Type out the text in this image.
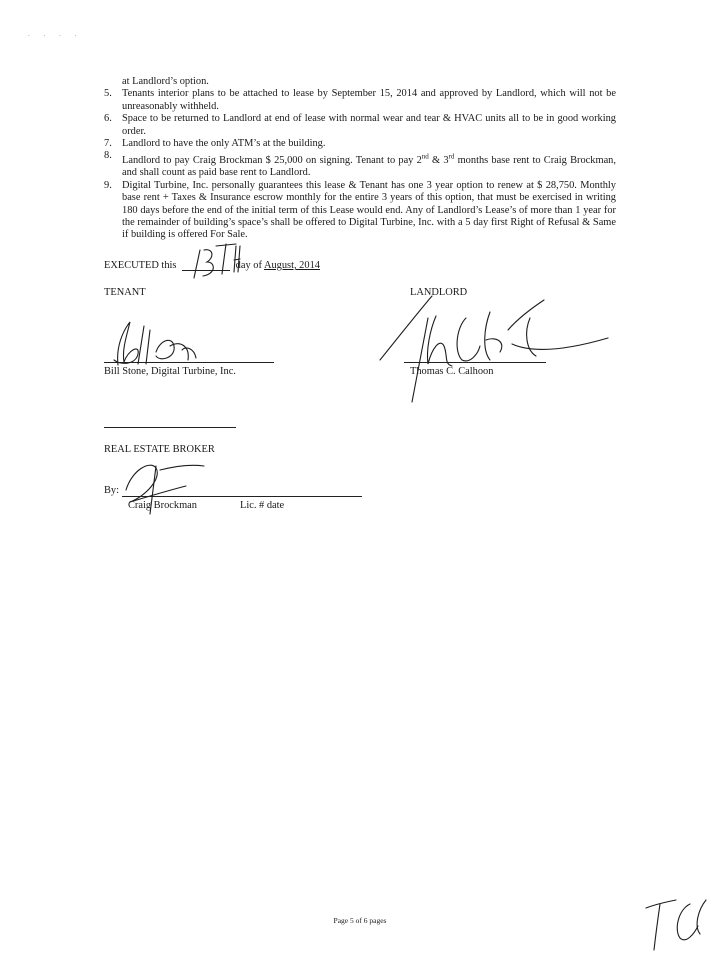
. . . .

at Landlord’s option.

5. Tenants interior plans to be attached to lease by September 15, 2014 and approved by Landlord, which will not be unreasonably withheld.

6. Space to be returned to Landlord at end of lease with normal wear and tear & HVAC units all to be in good working order.

7. Landlord to have the only ATM’s at the building.

8. Landlord to pay Craig Brockman $ 25,000 on signing. Tenant to pay 2nd & 3rd months base rent to Craig Brockman, and shall count as paid base rent to Landlord.

9. Digital Turbine, Inc. personally guarantees this lease & Tenant has one 3 year option to renew at $ 28,750. Monthly base rent + Taxes & Insurance escrow monthly for the entire 3 years of this option, that must be exercised in writing 180 days before the end of the initial term of this Lease would end. Any of Landlord’s Lease’s of more than 1 year for the remainder of building’s space’s shall be offered to Digital Turbine, Inc. with a 5 day first Right of Refusal & Same if building is offered For Sale.

EXECUTED this	day of August, 2014
TENANT	LANDLORD
Bill Stone, Digital Turbine, Inc.	Thomas C. Calhoon
REAL ESTATE BROKER
By:
Craig Brockman	Lic. # date
Page 5 of 6 pages
